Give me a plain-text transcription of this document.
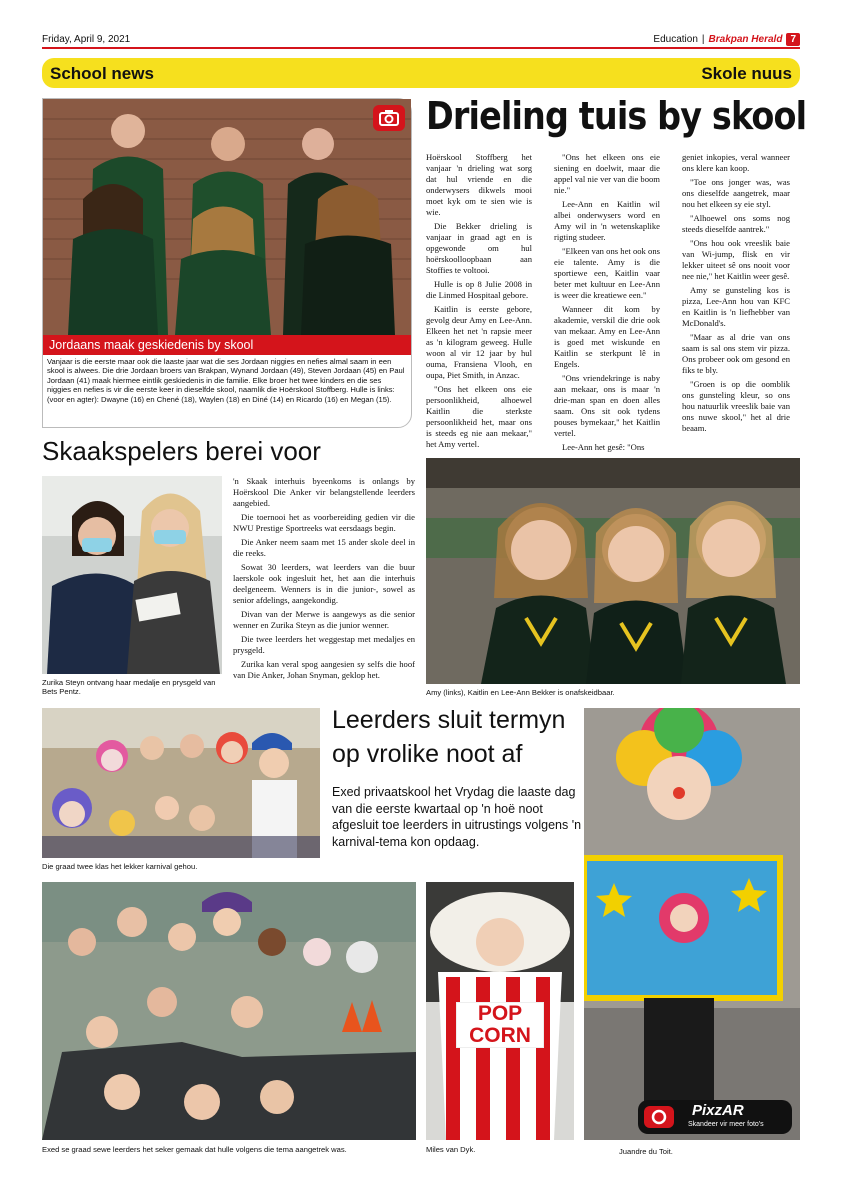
Friday, April 9, 2021	Education | Brakpan Herald 7
School news	Skole nuus
Jordaans maak geskiedenis by skool
Vanjaar is die eerste maar ook die laaste jaar wat die ses Jordaan niggies en nefies almal saam in een skool is alwees. Die drie Jordaan broers van Brakpan, Wynand Jordaan (49), Steven Jordaan (45) en Paul Jordaan (41) maak hiermee eintlik geskiedenis in die familie. Elke broer het twee kinders en die ses niggies en nefies is vir die eerste keer in dieselfde skool, naamlik die Hoërskool Stoffberg. Hulle is links: (voor en agter): Dwayne (16) en Chené (18), Waylen (18) en Diné (14) en Ricardo (16) en Megan (15).
Drieling tuis by skool

Hoërskool Stoffberg het vanjaar 'n drieling wat sorg dat hul vriende en die onderwysers dikwels mooi moet kyk om te sien wie is wie.

Die Bekker drieling is vanjaar in graad agt en is opgewonde om hul hoërskoolloopbaan aan Stoffies te voltooi.

Hulle is op 8 Julie 2008 in die Linmed Hospitaal gebore.

Kaitlin is eerste gebore, gevolg deur Amy en Lee-Ann. Elkeen het net 'n rapsie meer as 'n kilogram geweeg. Hulle woon al vir 12 jaar by hul ouma, Fransiena Vlooh, en oupa, Piet Smith, in Anzac.

"Ons het elkeen ons eie persoonlikheid, alhoewel Kaitlin die sterkste persoonlikheid het, maar ons is steeds eg nie aan mekaar," het Amy vertel.

"Ons het elkeen ons eie siening en doelwit, maar die appel val nie ver van die boom nie."

Lee-Ann en Kaitlin wil albei onderwysers word en Amy wil in 'n wetenskaplike rigting studeer.

"Elkeen van ons het ook ons eie talente. Amy is die sportiewe een, Kaitlin vaar beter met kultuur en Lee-Ann is weer die kreatiewe een."

Wanneer dit kom by akademie, verskil die drie ook van mekaar. Amy en Lee-Ann is goed met wiskunde en Kaitlin se sterkpunt lê in Engels.

"Ons vriendekringe is naby aan mekaar, ons is maar 'n drie-man span en doen alles saam. Ons sit ook tydens pouses bymekaar," het Kaitlin vertel.

Lee-Ann het gesê: "Ons

geniet inkopies, veral wanneer ons klere kan koop.

"Toe ons jonger was, was ons dieselfde aangetrek, maar nou het elkeen sy eie styl.

"Alhoewel ons soms nog steeds dieselfde aantrek."

"Ons hou ook vreeslik baie van Wi-jump, flisk en vir lekker uiteet sê ons nooit voor nee nie," het Kaitlin weer gesê.

Amy se gunsteling kos is pizza, Lee-Ann hou van KFC en Kaitlin is 'n liefhebber van McDonald's.

"Maar as al drie van ons saam is sal ons stem vir pizza. Ons probeer ook om gesond en fiks te bly.

"Groen is op die oomblik ons gunsteling kleur, so ons hou natuurlik vreeslik baie van ons nuwe skool," het al drie beaam.

Amy (links), Kaitlin en Lee-Ann Bekker is onafskeidbaar.
Skaakspelers berei voor
Zurika Steyn ontvang haar medalje en prysgeld van Bets Pentz.

'n Skaak interhuis byeenkoms is onlangs by Hoërskool Die Anker vir belangstellende leerders aangebied.

Die toernooi het as voorbereiding gedien vir die NWU Prestige Sportreeks wat eersdaags begin.

Die Anker neem saam met 15 ander skole deel in die reeks.

Sowat 30 leerders, wat leerders van die buur laerskole ook ingesluit het, het aan die interhuis deelgeneem. Wenners is in die junior-, sowel as senior afdelings, aangekondig.

Divan van der Merwe is aangewys as die senior wenner en Zurika Steyn as die junior wenner.

Die twee leerders het weggestap met medaljes en prysgeld.

Zurika kan veral spog aangesien sy selfs die hoof van Die Anker, Johan Snyman, geklop het.

Die graad twee klas het lekker karnival gehou.
Leerders sluit termyn
op vrolike noot af
Exed privaatskool het Vrydag die laaste dag van die eerste kwartaal op 'n hoë noot afgesluit toe leerders in uitrustings volgens 'n karnival-tema kon opdaag.
Exed se graad sewe leerders het seker gemaak dat hulle volgens die tema aangetrek was.
POP
CORN
Miles van Dyk.
PixzAR
Skandeer vir meer foto's
Juandre du Toit.
